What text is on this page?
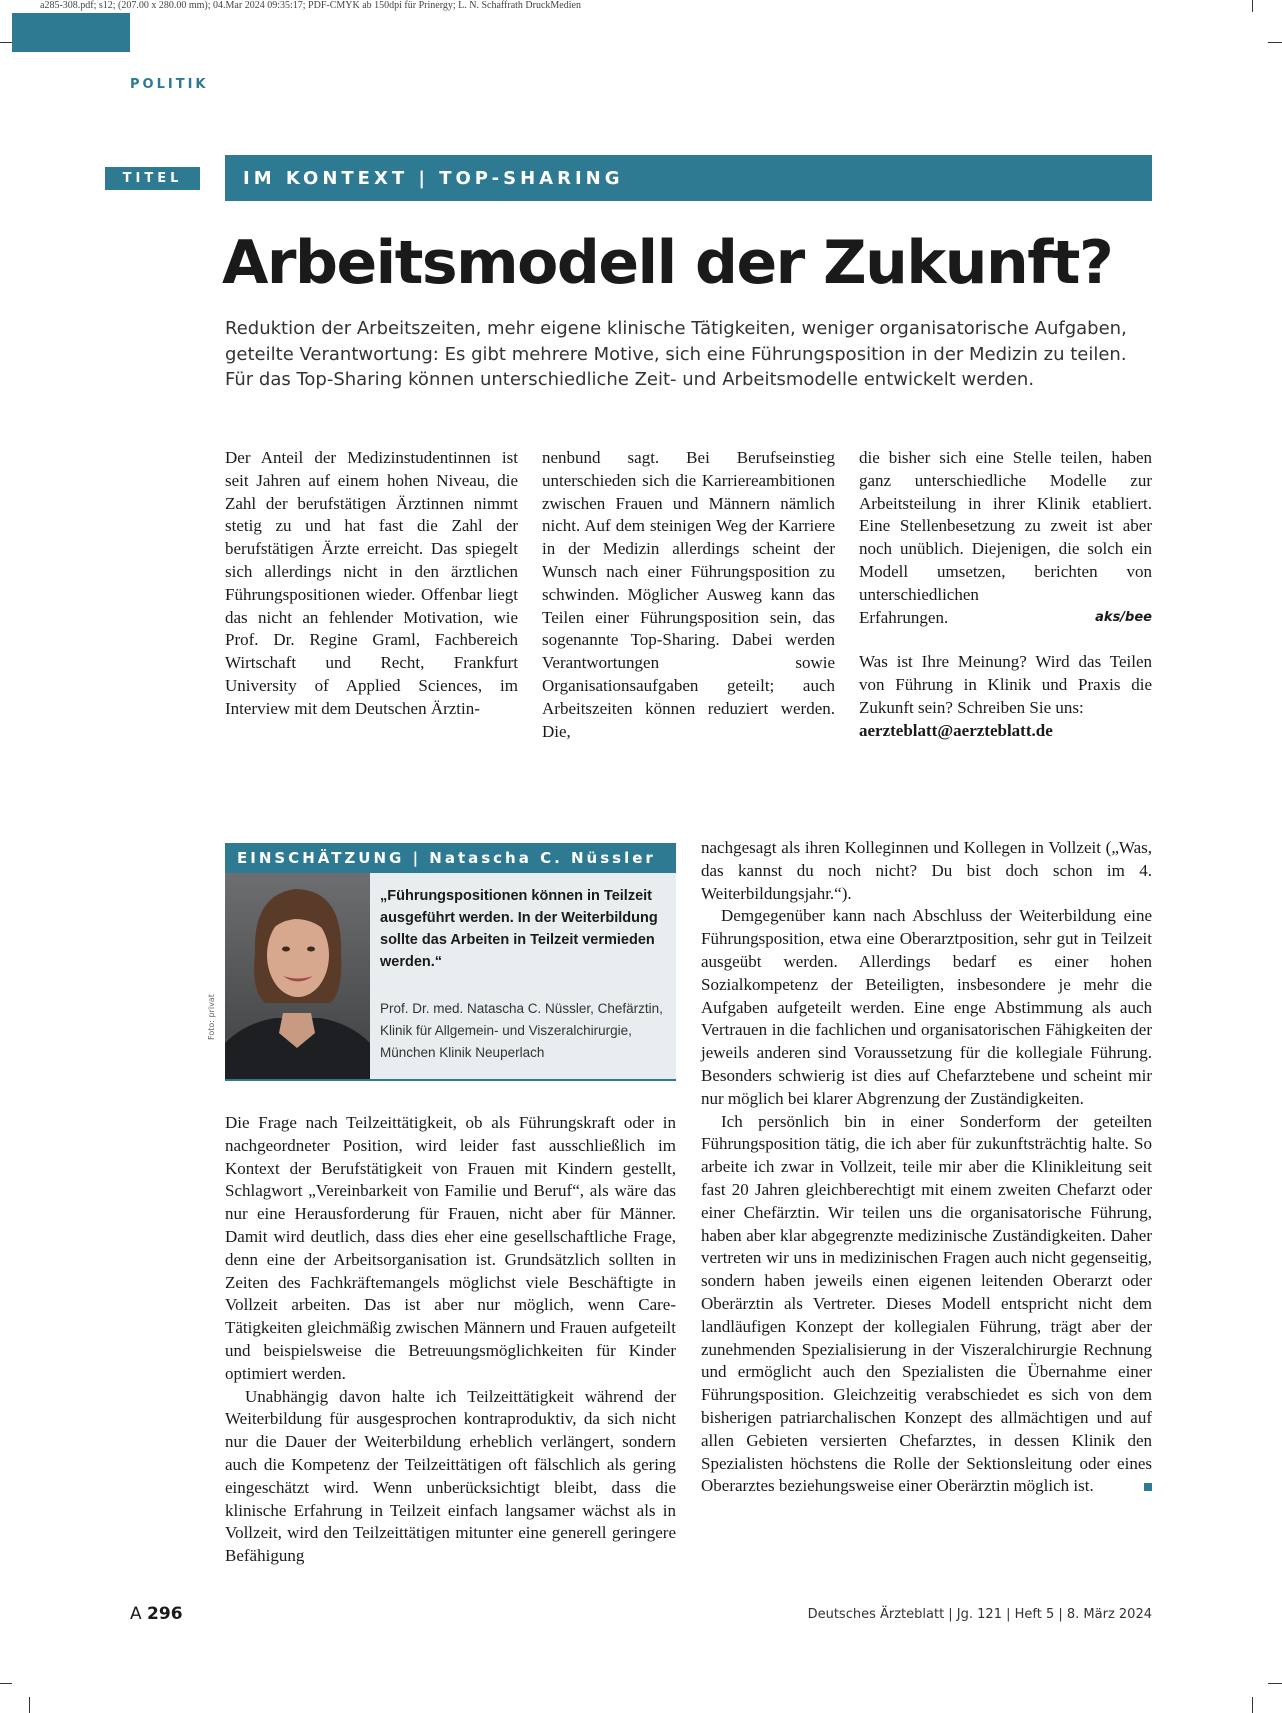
a285-308.pdf; s12; (207.00 x 280.00 mm); 04.Mar 2024 09:35:17; PDF-CMYK ab 150dpi für Prinergy; L. N. Schaffrath DruckMedien
POLITIK
TITEL	IM KONTEXT | TOP-SHARING
Arbeitsmodell der Zukunft?
Reduktion der Arbeitszeiten, mehr eigene klinische Tätigkeiten, weniger organisatorische Aufgaben, geteilte Verantwortung: Es gibt mehrere Motive, sich eine Führungsposition in der Medizin zu teilen. Für das Top-Sharing können unterschiedliche Zeit- und Arbeitsmodelle entwickelt werden.

Der Anteil der Medizinstudentinnen ist seit Jahren auf einem hohen Niveau, die Zahl der berufstätigen Ärztinnen nimmt stetig zu und hat fast die Zahl der berufstätigen Ärzte erreicht. Das spiegelt sich allerdings nicht in den ärztlichen Führungspositionen wieder. Offenbar liegt das nicht an fehlender Motivation, wie Prof. Dr. Regine Graml, Fachbereich Wirtschaft und Recht, Frankfurt University of Applied Sciences, im Interview mit dem Deutschen Ärztin-

nenbund sagt. Bei Berufseinstieg unterschieden sich die Karriereambitionen zwischen Frauen und Männern nämlich nicht. Auf dem steinigen Weg der Karriere in der Medizin allerdings scheint der Wunsch nach einer Führungsposition zu schwinden. Möglicher Ausweg kann das Teilen einer Führungsposition sein, das sogenannte Top-Sharing. Dabei werden Verantwortungen sowie Organisationsaufgaben geteilt; auch Arbeitszeiten können reduziert werden. Die,

die bisher sich eine Stelle teilen, haben ganz unterschiedliche Modelle zur Arbeitsteilung in ihrer Klinik etabliert. Eine Stellenbesetzung zu zweit ist aber noch unüblich. Diejenigen, die solch ein Modell umsetzen, berichten von unterschiedlichen

Erfahrungen.	aks/bee

Was ist Ihre Meinung? Wird das Teilen von Führung in Klinik und Praxis die Zukunft sein? Schreiben Sie uns:

aerzteblatt@aerzteblatt.de

EINSCHÄTZUNG | Natascha C. Nüssler
„Führungspositionen können in Teilzeit ausgeführt werden. In der Weiterbildung sollte das Arbeiten in Teilzeit vermieden werden.“
Prof. Dr. med. Natascha C. Nüssler, Chefärztin, Klinik für Allgemein- und Viszeralchirurgie, München Klinik Neuperlach
Foto: privat

Die Frage nach Teilzeittätigkeit, ob als Führungskraft oder in nachgeordneter Position, wird leider fast ausschließlich im Kontext der Berufstätigkeit von Frauen mit Kindern gestellt, Schlagwort „Vereinbarkeit von Familie und Beruf“, als wäre das nur eine Herausforderung für Frauen, nicht aber für Männer. Damit wird deutlich, dass dies eher eine gesellschaftliche Frage, denn eine der Arbeitsorganisation ist. Grundsätzlich sollten in Zeiten des Fachkräftemangels möglichst viele Beschäftigte in Vollzeit arbeiten. Das ist aber nur möglich, wenn Care-Tätigkeiten gleichmäßig zwischen Männern und Frauen aufgeteilt und beispielsweise die Betreuungsmöglichkeiten für Kinder optimiert werden.

Unabhängig davon halte ich Teilzeittätigkeit während der Weiterbildung für ausgesprochen kontraproduktiv, da sich nicht nur die Dauer der Weiterbildung erheblich verlängert, sondern auch die Kompetenz der Teilzeittätigen oft fälschlich als gering eingeschätzt wird. Wenn unberücksichtigt bleibt, dass die klinische Erfahrung in Teilzeit einfach langsamer wächst als in Vollzeit, wird den Teilzeittätigen mitunter eine generell geringere Befähigung

nachgesagt als ihren Kolleginnen und Kollegen in Vollzeit („Was, das kannst du noch nicht? Du bist doch schon im 4. Weiterbildungsjahr.“).

Demgegenüber kann nach Abschluss der Weiterbildung eine Führungsposition, etwa eine Oberarztposition, sehr gut in Teilzeit ausgeübt werden. Allerdings bedarf es einer hohen Sozialkompetenz der Beteiligten, insbesondere je mehr die Aufgaben aufgeteilt werden. Eine enge Abstimmung als auch Vertrauen in die fachlichen und organisatorischen Fähigkeiten der jeweils anderen sind Voraussetzung für die kollegiale Führung. Besonders schwierig ist dies auf Chefarztebene und scheint mir nur möglich bei klarer Abgrenzung der Zuständigkeiten.

Ich persönlich bin in einer Sonderform der geteilten Führungsposition tätig, die ich aber für zukunftsträchtig halte. So arbeite ich zwar in Vollzeit, teile mir aber die Klinikleitung seit fast 20 Jahren gleichberechtigt mit einem zweiten Chefarzt oder einer Chefärztin. Wir teilen uns die organisatorische Führung, haben aber klar abgegrenzte medizinische Zuständigkeiten. Daher vertreten wir uns in medizinischen Fragen auch nicht gegenseitig, sondern haben jeweils einen eigenen leitenden Oberarzt oder Oberärztin als Vertreter. Dieses Modell entspricht nicht dem landläufigen Konzept der kollegialen Führung, trägt aber der zunehmenden Spezialisierung in der Viszeralchirurgie Rechnung und ermöglicht auch den Spezialisten die Übernahme einer Führungsposition. Gleichzeitig verabschiedet es sich von dem bisherigen patriarchalischen Konzept des allmächtigen und auf allen Gebieten versierten Chefarztes, in dessen Klinik den Spezialisten höchstens die Rolle der Sektionsleitung oder eines Oberarztes beziehungsweise einer Oberärztin möglich ist.

A 296	Deutsches Ärzteblatt | Jg. 121 | Heft 5 | 8. März 2024
